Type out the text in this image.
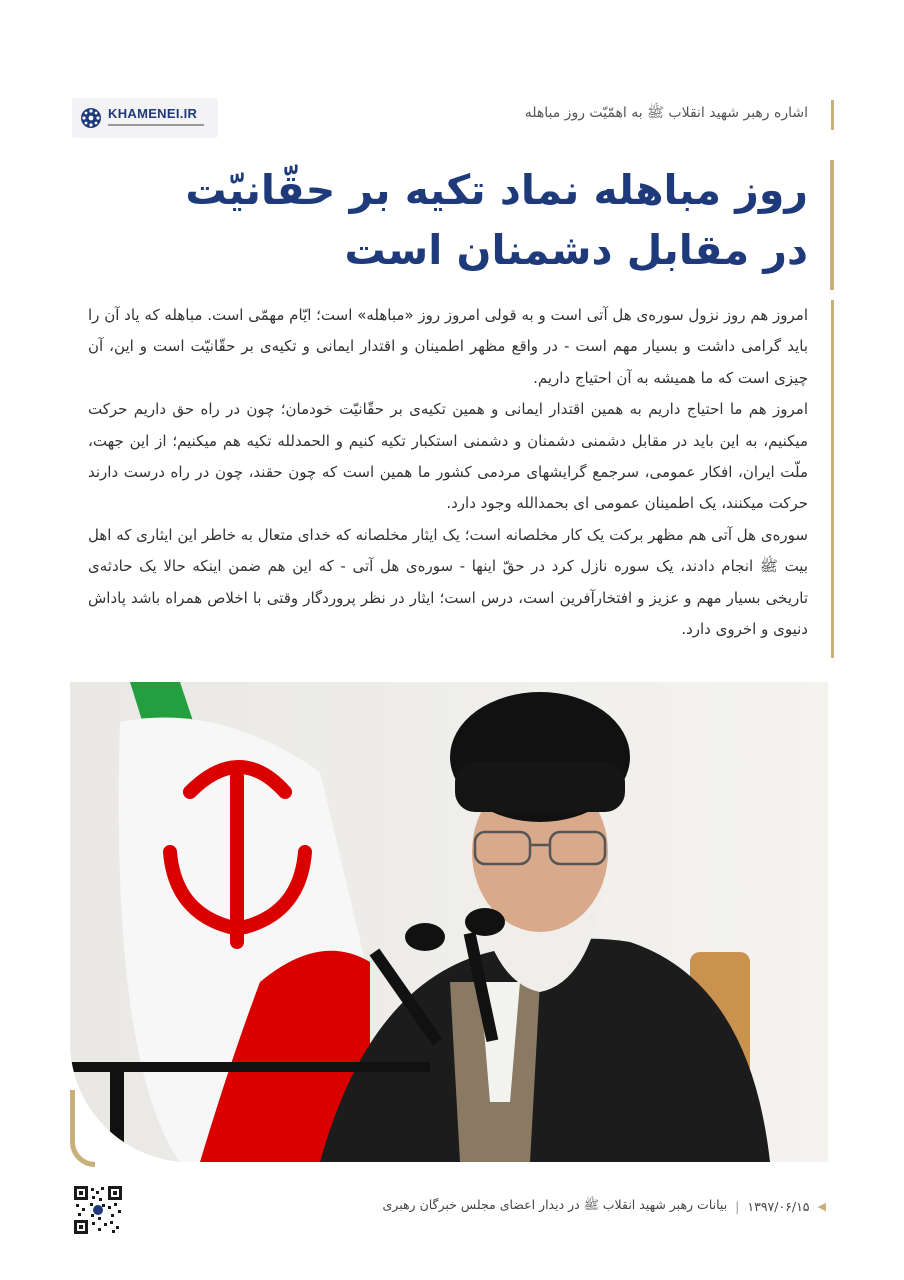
KHAMENEI.IR	اشاره رهبر شهید انقلاب ﷺ به اهمّیّت روز مباهله
روز مباهله نماد تکیه بر حقّانیّت
در مقابل دشمنان است

امروز هم روز نزول سوره‌ی هل‌ آتی است و به قولی امروز روز «مباهله» است؛ ایّام مهمّی است. مباهله که یاد آن را باید گرامی داشت و بسیار مهم است - در واقع مظهر اطمینان و اقتدار ایمانی و تکیه‌ی بر حقّانیّت است و این، آن چیزی است که ما همیشه به آن احتیاج داریم.

امروز هم ما احتیاج داریم به همین اقتدار ایمانی و همین تکیه‌ی بر حقّانیّت خودمان؛ چون در راه حق داریم حرکت میکنیم، به این باید در مقابل دشمنی دشمنان و دشمنی استکبار تکیه کنیم و الحمدلله تکیه هم میکنیم؛ از این جهت، ملّت ایران، افکار عمومی، سرجمع گرایشهای مردمی کشور ما همین است که چون حقند، چون در راه درست دارند حرکت میکنند، یک اطمینان عمومی ای بحمدالله وجود دارد.

سوره‌ی هل ‌آتی هم مظهر برکت یک کار مخلصانه است؛ یک ایثار مخلصانه که خدای متعال به خاطر این ایثاری که اهل بیت ﷺ انجام دادند، یک سوره نازل کرد در حقّ اینها - سوره‌ی هل ‌آتی - که این هم ضمن اینکه حالا یک حادثه‌ی تاریخی بسیار مهم و عزیز و افتخارآفرین است، درس است؛ ایثار در نظر پروردگار وقتی با اخلاص همراه باشد پاداش دنیوی و اخروی دارد.

◀
۱۳۹۷/۰۶/۱۵
|
بیانات رهبر شهید انقلاب ﷺ در دیدار اعضای مجلس خبرگان رهبری
